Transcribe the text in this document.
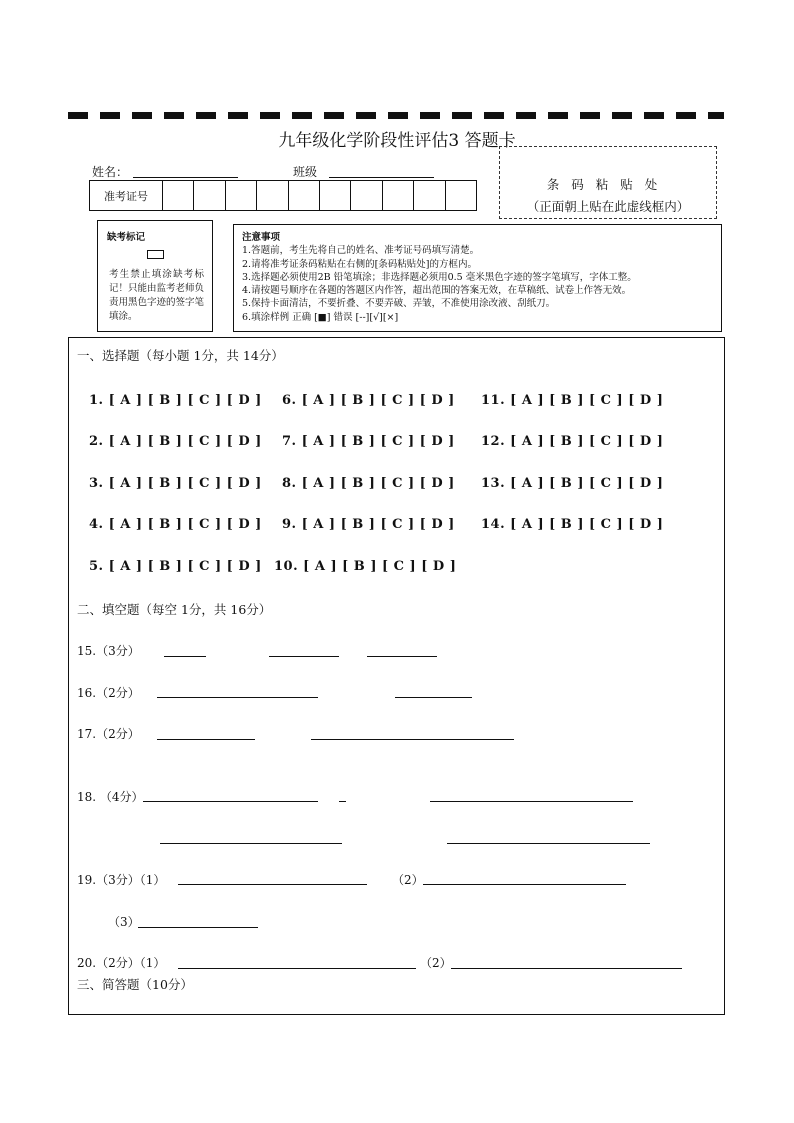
九年级化学阶段性评估3 答题卡
姓名：	班级
准考证号
条码粘贴处
（正面朝上贴在此虚线框内）
缺考标记
考生禁止填涂缺考标记！只能由监考老师负责用黑色字迹的签字笔填涂。
注意事项
1.答题前，考生先将自己的姓名、准考证号码填写清楚。
2.请将准考证条码粘贴在右侧的[条码粘贴处]的方框内。
3.选择题必须使用2B 铅笔填涂；非选择题必须用0.5 毫米黑色字迹的签字笔填写，字体工整。
4.请按题号顺序在各题的答题区内作答，超出范围的答案无效，在草稿纸、试卷上作答无效。
5.保持卡面清洁，不要折叠、不要弄破、弄皱，不准使用涂改液、刮纸刀。
6.填涂样例 正确 [■] 错误 [--][√][×]
一、选择题（每小题 1分，共 14分）
1. [ A ] [ B ] [ C ] [ D ]
2. [ A ] [ B ] [ C ] [ D ]
3. [ A ] [ B ] [ C ] [ D ]
4. [ A ] [ B ] [ C ] [ D ]
5. [ A ] [ B ] [ C ] [ D ]
6. [ A ] [ B ] [ C ] [ D ]
7. [ A ] [ B ] [ C ] [ D ]
8. [ A ] [ B ] [ C ] [ D ]
9. [ A ] [ B ] [ C ] [ D ]
10. [ A ] [ B ] [ C ] [ D ]
11. [ A ] [ B ] [ C ] [ D ]
12. [ A ] [ B ] [ C ] [ D ]
13. [ A ] [ B ] [ C ] [ D ]
14. [ A ] [ B ] [ C ] [ D ]
二、填空题（每空 1分，共 16分）
15.（3分）
16.（2分）
17.（2分）
18. （4分）
19.（3分）（1）	（2）
（3）
20.（2分）（1）	（2）
三、简答题（10分）
